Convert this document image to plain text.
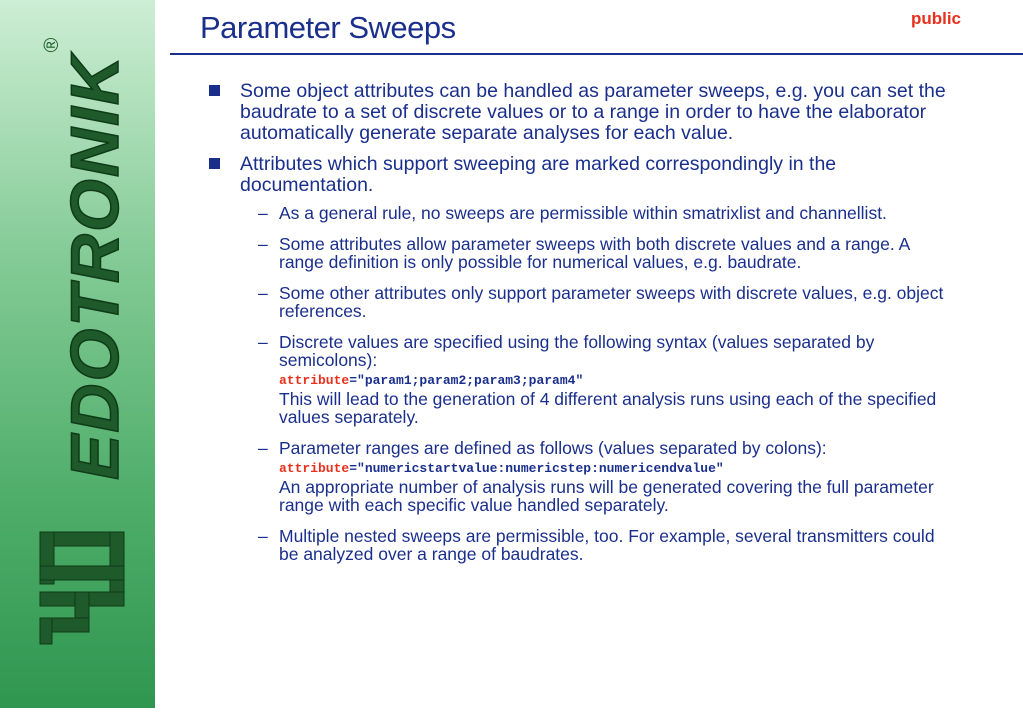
EDOTRONIK
®	Parameter Sweeps	public
Some object attributes can be handled as parameter sweeps, e.g. you can set the baudrate to a set of discrete values or to a range in order to have the elaborator automatically generate separate analyses for each value.
Attributes which support sweeping are marked correspondingly in the documentation.
– As a general rule, no sweeps are permissible within smatrixlist and channellist.
– Some attributes allow parameter sweeps with both discrete values and a range. A range definition is only possible for numerical values, e.g. baudrate.
– Some other attributes only support parameter sweeps with discrete values, e.g. object references.
– Discrete values are specified using the following syntax (values separated by semicolons):
attribute="param1;param2;param3;param4"
This will lead to the generation of 4 different analysis runs using each of the specified values separately.
– Parameter ranges are defined as follows (values separated by colons):
attribute="numericstartvalue:numericstep:numericendvalue"
An appropriate number of analysis runs will be generated covering the full parameter range with each specific value handled separately.
– Multiple nested sweeps are permissible, too. For example, several transmitters could be analyzed over a range of baudrates.
